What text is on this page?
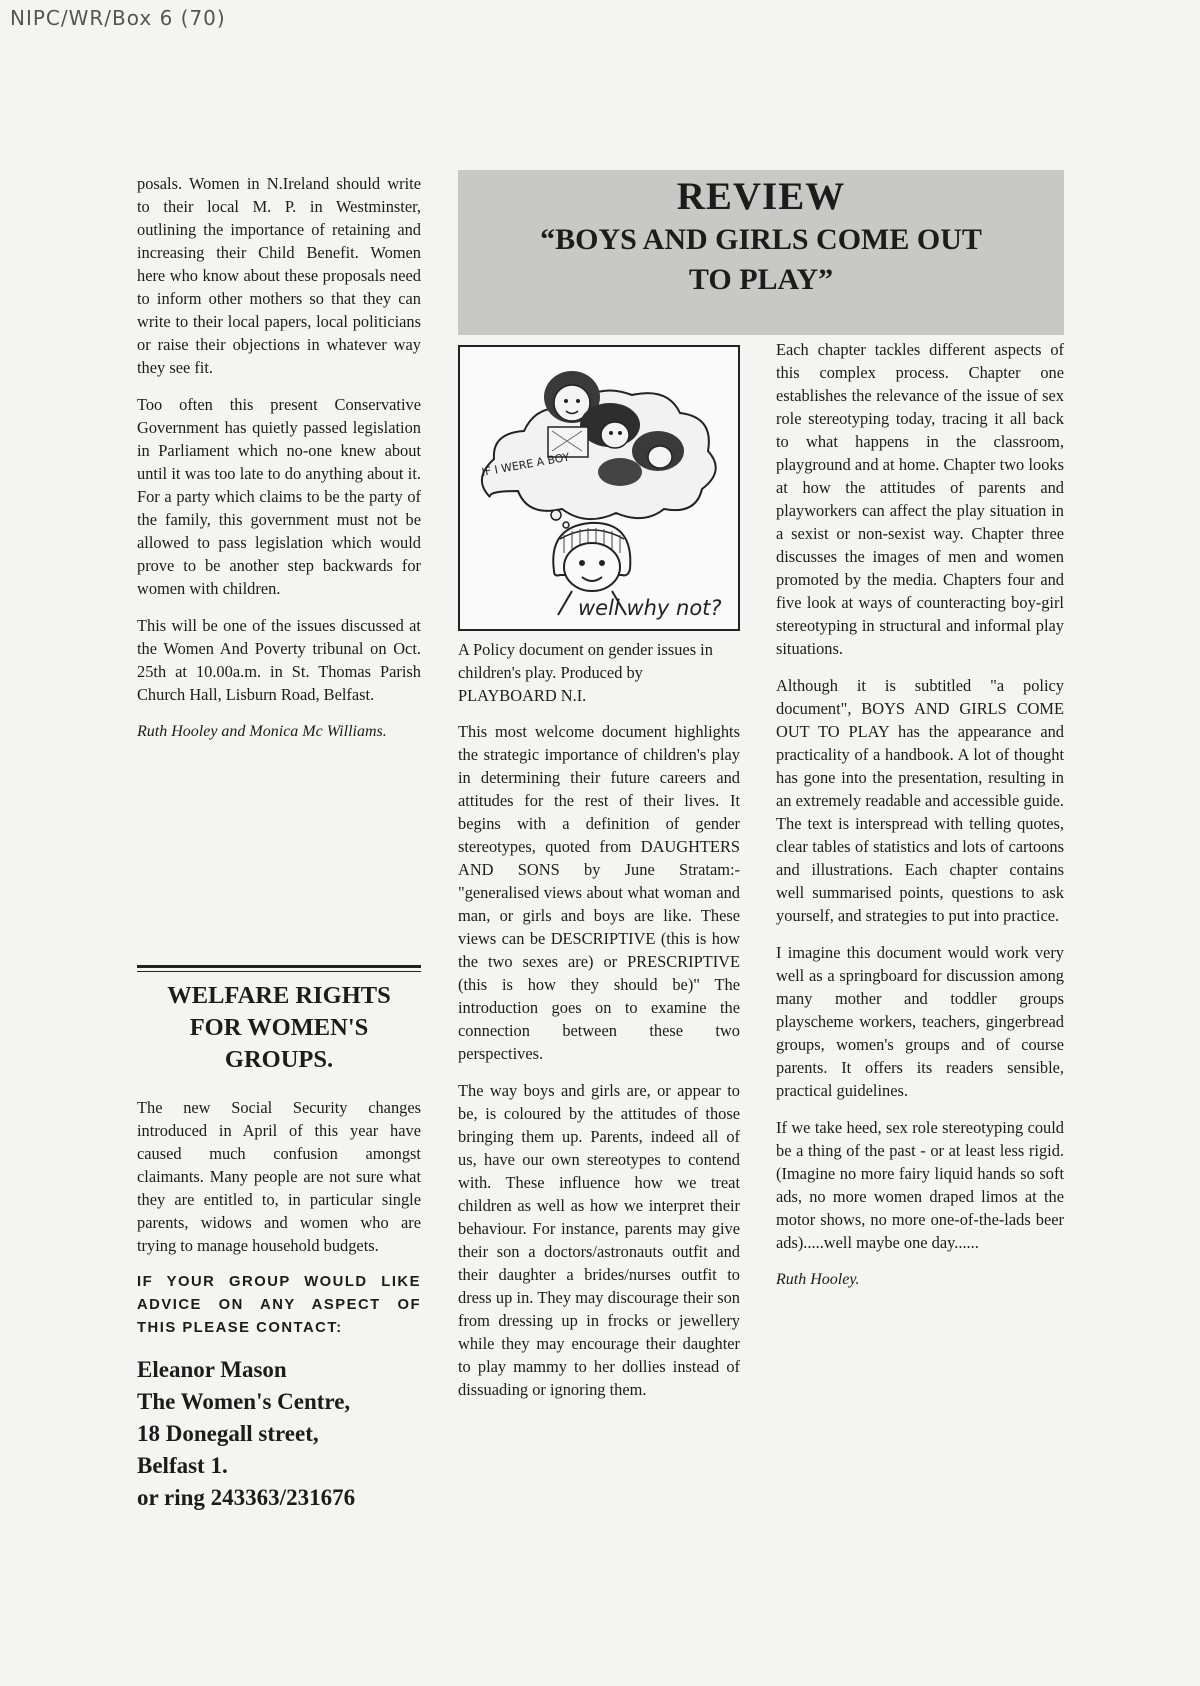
NIPC/WR/Box 6 (70)

posals. Women in N.Ireland should write to their local M. P. in Westminster, outlining the importance of retaining and increasing their Child Benefit. Women here who know about these proposals need to inform other mothers so that they can write to their local papers, local politicians or raise their objections in whatever way they see fit.

Too often this present Conservative Government has quietly passed legislation in Parliament which no-one knew about until it was too late to do anything about it. For a party which claims to be the party of the family, this government must not be allowed to pass legislation which would prove to be another step backwards for women with children.

This will be one of the issues discussed at the Women And Poverty tribunal on Oct. 25th at 10.00a.m. in St. Thomas Parish Church Hall, Lisburn Road, Belfast.

Ruth Hooley and Monica Mc Williams.

WELFARE RIGHTS
FOR WOMEN'S
GROUPS.

The new Social Security changes introduced in April of this year have caused much confusion amongst claimants. Many people are not sure what they are entitled to, in particular single parents, widows and women who are trying to manage household budgets.

IF YOUR GROUP WOULD LIKE ADVICE ON ANY ASPECT OF THIS PLEASE CONTACT:

Eleanor Mason
The Women's Centre,
18 Donegall street,
Belfast 1.
or ring 243363/231676
REVIEW
“BOYS AND GIRLS COME OUT
TO PLAY”
IF I WERE A BOY
well why not?

A Policy document on gender issues in children's play. Produced by PLAYBOARD N.I.

This most welcome document highlights the strategic importance of children's play in determining their future careers and attitudes for the rest of their lives. It begins with a definition of gender stereotypes, quoted from DAUGHTERS AND SONS by June Stratam:- "generalised views about what woman and man, or girls and boys are like. These views can be DESCRIPTIVE (this is how the two sexes are) or PRESCRIPTIVE (this is how they should be)" The introduction goes on to examine the connection between these two perspectives.

The way boys and girls are, or appear to be, is coloured by the attitudes of those bringing them up. Parents, indeed all of us, have our own stereotypes to contend with. These influence how we treat children as well as how we interpret their behaviour. For instance, parents may give their son a doctors/astronauts outfit and their daughter a brides/nurses outfit to dress up in. They may discourage their son from dressing up in frocks or jewellery while they may encourage their daughter to play mammy to her dollies instead of dissuading or ignoring them.

Each chapter tackles different aspects of this complex process. Chapter one establishes the relevance of the issue of sex role stereotyping today, tracing it all back to what happens in the classroom, playground and at home. Chapter two looks at how the attitudes of parents and playworkers can affect the play situation in a sexist or non-sexist way. Chapter three discusses the images of men and women promoted by the media. Chapters four and five look at ways of counteracting boy-girl stereotyping in structural and informal play situations.

Although it is subtitled "a policy document", BOYS AND GIRLS COME OUT TO PLAY has the appearance and practicality of a handbook. A lot of thought has gone into the presentation, resulting in an extremely readable and accessible guide. The text is interspread with telling quotes, clear tables of statistics and lots of cartoons and illustrations. Each chapter contains well summarised points, questions to ask yourself, and strategies to put into practice.

I imagine this document would work very well as a springboard for discussion among many mother and toddler groups playscheme workers, teachers, gingerbread groups, women's groups and of course parents. It offers its readers sensible, practical guidelines.

If we take heed, sex role stereotyping could be a thing of the past - or at least less rigid. (Imagine no more fairy liquid hands so soft ads, no more women draped limos at the motor shows, no more one-of-the-lads beer ads).....well maybe one day......

Ruth Hooley.
